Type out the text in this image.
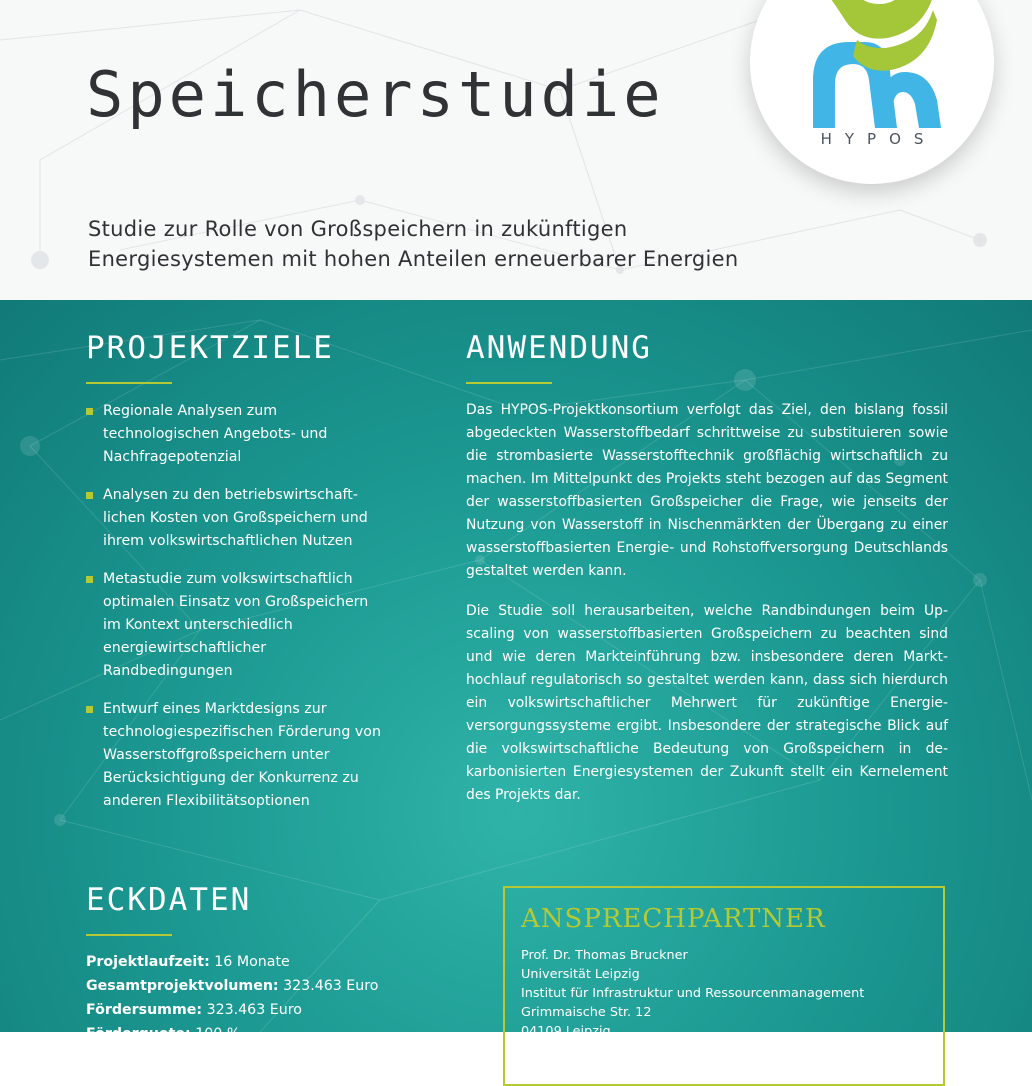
Speicherstudie
Studie zur Rolle von Großspeichern in zukünftigen
Energiesystemen mit hohen Anteilen erneuerbarer Energien
HYPOS
PROJEKTZIELE
Regionale Analysen zum technologischen Angebots- und Nachfragepotenzial
Analysen zu den betriebswirtschaftlichen Kosten von Großspeichern und ihrem volkswirtschaftlichen Nutzen
Metastudie zum volkswirtschaftlich optimalen Einsatz von Großspeichern im Kontext unterschiedlich energiewirtschaftlicher Randbedingungen
Entwurf eines Marktdesigns zur technologiespezifischen Förderung von Wasserstoffgroßspeichern unter Berücksichtigung der Konkurrenz zu anderen Flexibilitätsoptionen
ANWENDUNG

Das HYPOS-Projektkonsortium verfolgt das Ziel, den bislang fossil abgedeckten Wasserstoffbedarf schrittweise zu substituieren sowie die strombasierte Wasserstofftechnik großflächig wirtschaftlich zu machen. Im Mittelpunkt des Projekts steht bezogen auf das Segment der wasserstoffbasierten Großspeicher die Frage, wie jenseits der Nutzung von Wasserstoff in Nischenmärkten der Übergang zu einer wasserstoffbasierten Energie- und Rohstoffversorgung Deutschlands gestaltet werden kann.

Die Studie soll herausarbeiten, welche Randbindungen beim Upscaling von wasserstoffbasierten Großspeichern zu beachten sind und wie deren Markteinführung bzw. insbesondere deren Markthochlauf regulatorisch so gestaltet werden kann, dass sich hierdurch ein volkswirtschaftlicher Mehrwert für zukünftige Energieversorgungssysteme ergibt. Insbesondere der strategische Blick auf die volkswirtschaftliche Bedeutung von Großspeichern in dekarbonisierten Energiesystemen der Zukunft stellt ein Kernelement des Projekts dar.

ECKDATEN
Projektlaufzeit: 16 Monate
Gesamtprojektvolumen: 323.463 Euro
Fördersumme: 323.463 Euro
Förderquote: 100 %
ANSPRECHPARTNER
Prof. Dr. Thomas Bruckner
Universität Leipzig
Institut für Infrastruktur und Ressourcenmanagement
Grimmaische Str. 12
04109 Leipzig
